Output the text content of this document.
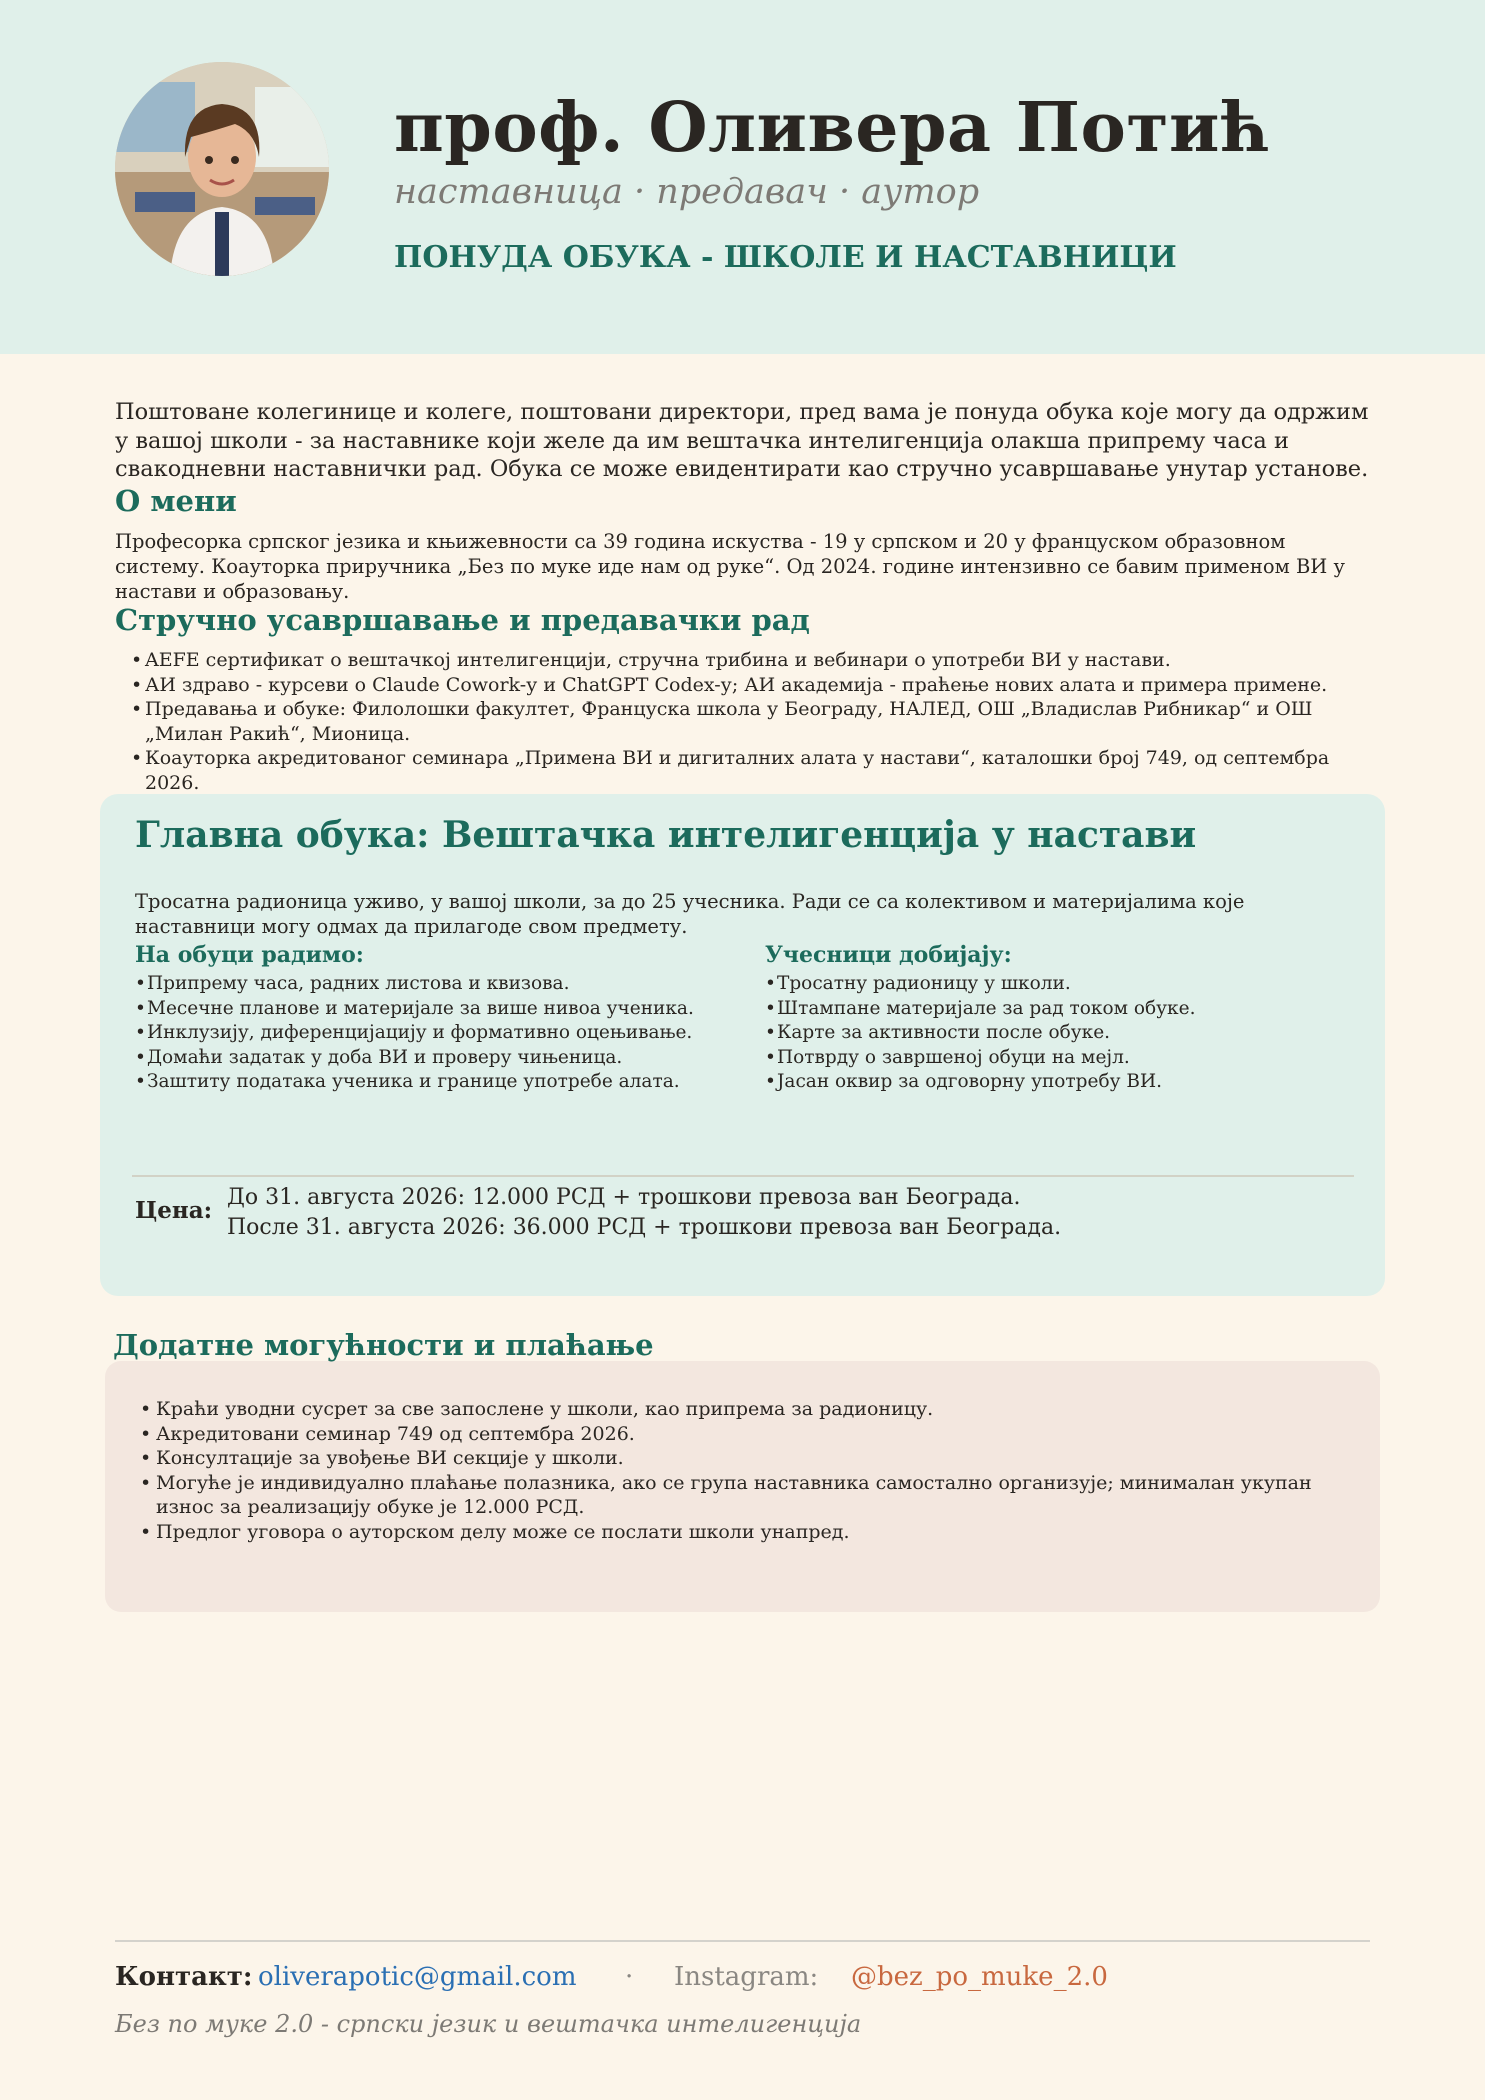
проф. Оливера Потић
наставница · предавач · аутор
ПОНУДА ОБУКА - ШКОЛЕ И НАСТАВНИЦИ

Поштоване колегинице и колеге, поштовани директори, пред вама је понуда обука које могу да одржим у вашој школи - за наставнике који желе да им вештачка интелигенција олакша припрему часа и свакодневни наставнички рад. Обука се може евидентирати као стручно усавршавање унутар установе.

О мени

Професорка српског језика и књижевности са 39 година искуства - 19 у српском и 20 у француском образовном систему. Коауторка приручника „Без по муке иде нам од руке“. Од 2024. године интензивно се бавим применом ВИ у настави и образовању.

Стручно усавршавање и предавачки рад
• AEFE сертификат о вештачкој интелигенцији, стручна трибина и вебинари о употреби ВИ у настави.
• АИ здраво - курсеви о Claude Cowork-у и ChatGPT Codex-у; АИ академија - праћење нових алата и примера примене.
• Предавања и обуке: Филолошки факултет, Француска школа у Београду, НАЛЕД, ОШ „Владислав Рибникар“ и ОШ „Милан Ракић“, Мионица.
• Коауторка акредитованог семинара „Примена ВИ и дигиталних алата у настави“, каталошки број 749, од септембра 2026.
Главна обука: Вештачка интелигенција у настави

Тросатна радионица уживо, у вашој школи, за до 25 учесника. Ради се са колективом и материјалима које наставници могу одмах да прилагоде свом предмету.

На обуци радимо:
• Припрему часа, радних листова и квизова.
• Месечне планове и материјале за више нивоа ученика.
• Инклузију, диференцијацију и формативно оцењивање.
• Домаћи задатак у доба ВИ и проверу чињеница.
• Заштиту података ученика и границе употребе алата.
Учесници добијају:
• Тросатну радионицу у школи.
• Штампане материјале за рад током обуке.
• Карте за активности после обуке.
• Потврду о завршеној обуци на мејл.
• Јасан оквир за одговорну употребу ВИ.
Цена: До 31. августа 2026: 12.000 РСД + трошкови превоза ван Београда.
После 31. августа 2026: 36.000 РСД + трошкови превоза ван Београда.
Додатне могућности и плаћање
• Краћи уводни сусрет за све запослене у школи, као припрема за радионицу.
• Акредитовани семинар 749 од септембра 2026.
• Консултације за увођење ВИ секције у школи.
• Могуће је индивидуално плаћање полазника, ако се група наставника самостално организује; минималан укупан износ за реализацију обуке је 12.000 РСД.
• Предлог уговора о ауторском делу може се послати школи унапред.
Контакт: oliverapotic@gmail.com · Instagram: @bez_po_muke_2.0
Без по муке 2.0 - српски језик и вештачка интелигенција
